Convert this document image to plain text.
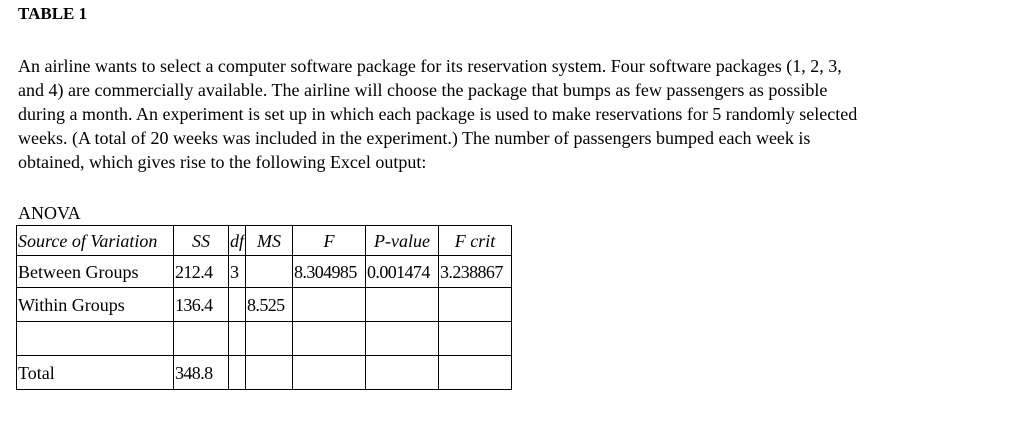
TABLE 1
An airline wants to select a computer software package for its reservation system. Four software packages (1, 2, 3,
and 4) are commercially available. The airline will choose the package that bumps as few passengers as possible
during a month. An experiment is set up in which each package is used to make reservations for 5 randomly selected
weeks. (A total of 20 weeks was included in the experiment.) The number of passengers bumped each week is
obtained, which gives rise to the following Excel output:
ANOVA
Source of Variation	SS	df	MS	F	P-value	F crit
Between Groups	212.4	3		8.304985	0.001474	3.238867
Within Groups	136.4		8.525			

Total	348.8					
